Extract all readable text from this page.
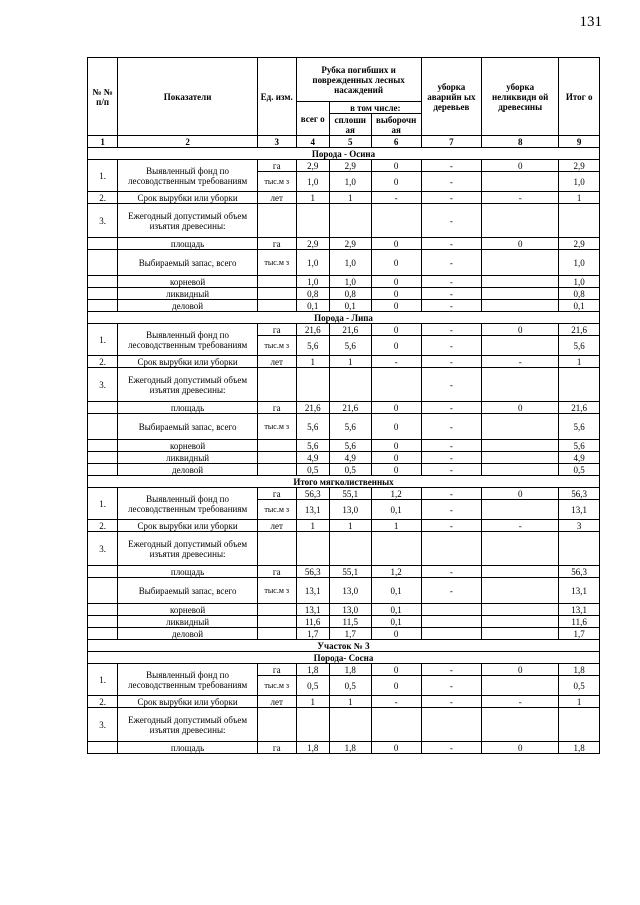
131
№ № п/п	Показатели	Ед. изм.	Рубка погибших и поврежденных лесных насаждений			уборка аварийн ых деревьев	уборка неликвидн ой древесины	Итог о
			всег о	в том числе:				
				сплоши ая	выборочн ая			
1	2	3	4	5	6	7	8	9
Порода - Осина								
1.	Выявленный фонд по лесоводственным требованиям	га	2,9	2,9	0	-	0	2,9
		тыс.м з	1,0	1,0	0	-		1,0
2.	Срок вырубки или уборки	лет	1	1	-	-	-	1
3.	Ежегодный допустимый объем изъятия древесины:					-		
	площадь	га	2,9	2,9	0	-	0	2,9
	Выбираемый запас, всего	тыс.м з	1,0	1,0	0	-		1,0
	корневой		1,0	1,0	0	-		1,0
	ликвидный		0,8	0,8	0	-		0,8
	деловой		0,1	0,1	0	-		0,1
Порода - Липа								
1.	Выявленный фонд по лесоводственным требованиям	га	21,6	21,6	0	-	0	21,6
		тыс.м з	5,6	5,6	0	-		5,6
2.	Срок вырубки или уборки	лет	1	1	-	-	-	1
3.	Ежегодный допустимый объем изъятия древесины:					-		
	площадь	га	21,6	21,6	0	-	0	21,6
	Выбираемый запас, всего	тыс.м з	5,6	5,6	0	-		5,6
	корневой		5,6	5,6	0	-		5,6
	ликвидный		4,9	4,9	0	-		4,9
	деловой		0,5	0,5	0	-		0,5
Итого мягколиственных								
1.	Выявленный фонд по лесоводственным требованиям	га	56,3	55,1	1,2	-	0	56,3
		тыс.м з	13,1	13,0	0,1	-		13,1
2.	Срок вырубки или уборки	лет	1	1	1	-	-	3
3.	Ежегодный допустимый объем изъятия древесины:							
	площадь	га	56,3	55,1	1,2	-		56,3
	Выбираемый запас, всего	тыс.м з	13,1	13,0	0,1	-		13,1
	корневой		13,1	13,0	0,1			13,1
	ликвидный		11,6	11,5	0,1			11,6
	деловой		1,7	1,7	0			1,7
Участок № 3								
Порода- Сосна								
1.	Выявленный фонд по лесоводственным требованиям	га	1,8	1,8	0	-	0	1,8
		тыс.м з	0,5	0,5	0	-		0,5
2.	Срок вырубки или уборки	лет	1	1	-	-	-	1
3.	Ежегодный допустимый объем изъятия древесины:							
	площадь	га	1,8	1,8	0	-	0	1,8
